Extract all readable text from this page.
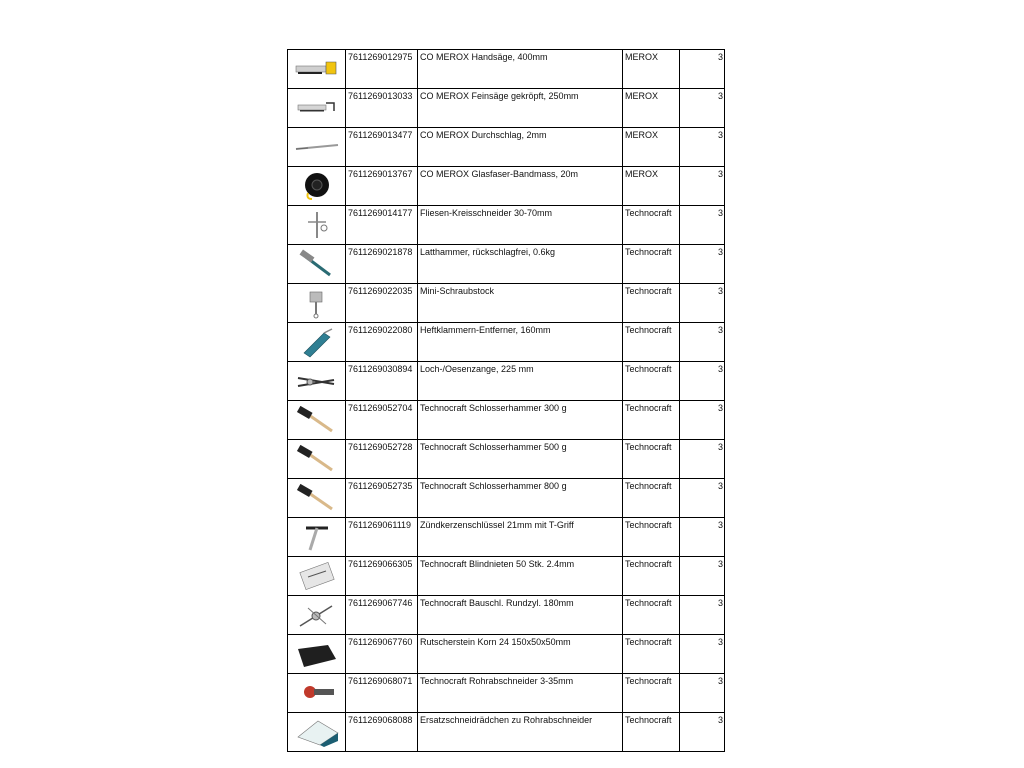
	7611269012975	CO MEROX Handsäge, 400mm	MEROX	3

	7611269013033	CO MEROX Feinsäge gekröpft, 250mm	MEROX	3

	7611269013477	CO MEROX Durchschlag, 2mm	MEROX	3

	7611269013767	CO MEROX Glasfaser-Bandmass, 20m	MEROX	3

	7611269014177	Fliesen-Kreisschneider 30-70mm	Technocraft	3

	7611269021878	Latthammer, rückschlagfrei, 0.6kg	Technocraft	3

	7611269022035	Mini-Schraubstock	Technocraft	3

	7611269022080	Heftklammern-Entferner, 160mm	Technocraft	3

	7611269030894	Loch-/Oesenzange, 225 mm	Technocraft	3

	7611269052704	Technocraft Schlosserhammer 300 g	Technocraft	3

	7611269052728	Technocraft Schlosserhammer 500 g	Technocraft	3

	7611269052735	Technocraft Schlosserhammer 800 g	Technocraft	3

	7611269061119	Zündkerzenschlüssel 21mm mit T-Griff	Technocraft	3

	7611269066305	Technocraft Blindnieten 50 Stk. 2.4mm	Technocraft	3

	7611269067746	Technocraft Bauschl. Rundzyl. 180mm	Technocraft	3

	7611269067760	Rutscherstein Korn 24 150x50x50mm	Technocraft	3

	7611269068071	Technocraft Rohrabschneider 3-35mm	Technocraft	3

	7611269068088	Ersatzschneidrädchen zu Rohrabschneider	Technocraft	3
